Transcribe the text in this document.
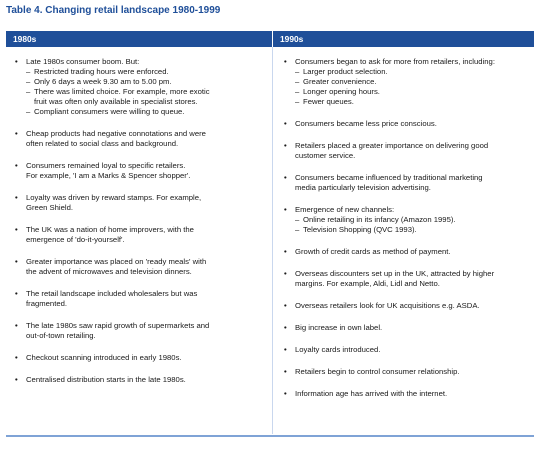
Table 4. Changing retail landscape 1980-1999
1980s	1990s
• Late 1980s consumer boom. But:
– Restricted trading hours were enforced.
– Only 6 days a week 9.30 am to 5.00 pm.
– There was limited choice. For example, more exotic
fruit was often only available in specialist stores.
– Compliant consumers were willing to queue.
• Cheap products had negative connotations and were
often related to social class and background.
• Consumers remained loyal to specific retailers.
For example, 'I am a Marks & Spencer shopper'.
• Loyalty was driven by reward stamps. For example,
Green Shield.
• The UK was a nation of home improvers, with the
emergence of 'do-it-yourself'.
• Greater importance was placed on 'ready meals' with
the advent of microwaves and television dinners.
• The retail landscape included wholesalers but was
fragmented.
• The late 1980s saw rapid growth of supermarkets and
out-of-town retailing.
• Checkout scanning introduced in early 1980s.
• Centralised distribution starts in the late 1980s.
• Consumers began to ask for more from retailers, including:
– Larger product selection.
– Greater convenience.
– Longer opening hours.
– Fewer queues.
• Consumers became less price conscious.
• Retailers placed a greater importance on delivering good
customer service.
• Consumers became influenced by traditional marketing
media particularly television advertising.
• Emergence of new channels:
– Online retailing in its infancy (Amazon 1995).
– Television Shopping (QVC 1993).
• Growth of credit cards as method of payment.
• Overseas discounters set up in the UK, attracted by higher
margins. For example, Aldi, Lidl and Netto.
• Overseas retailers look for UK acquisitions e.g. ASDA.
• Big increase in own label.
• Loyalty cards introduced.
• Retailers begin to control consumer relationship.
• Information age has arrived with the internet.
